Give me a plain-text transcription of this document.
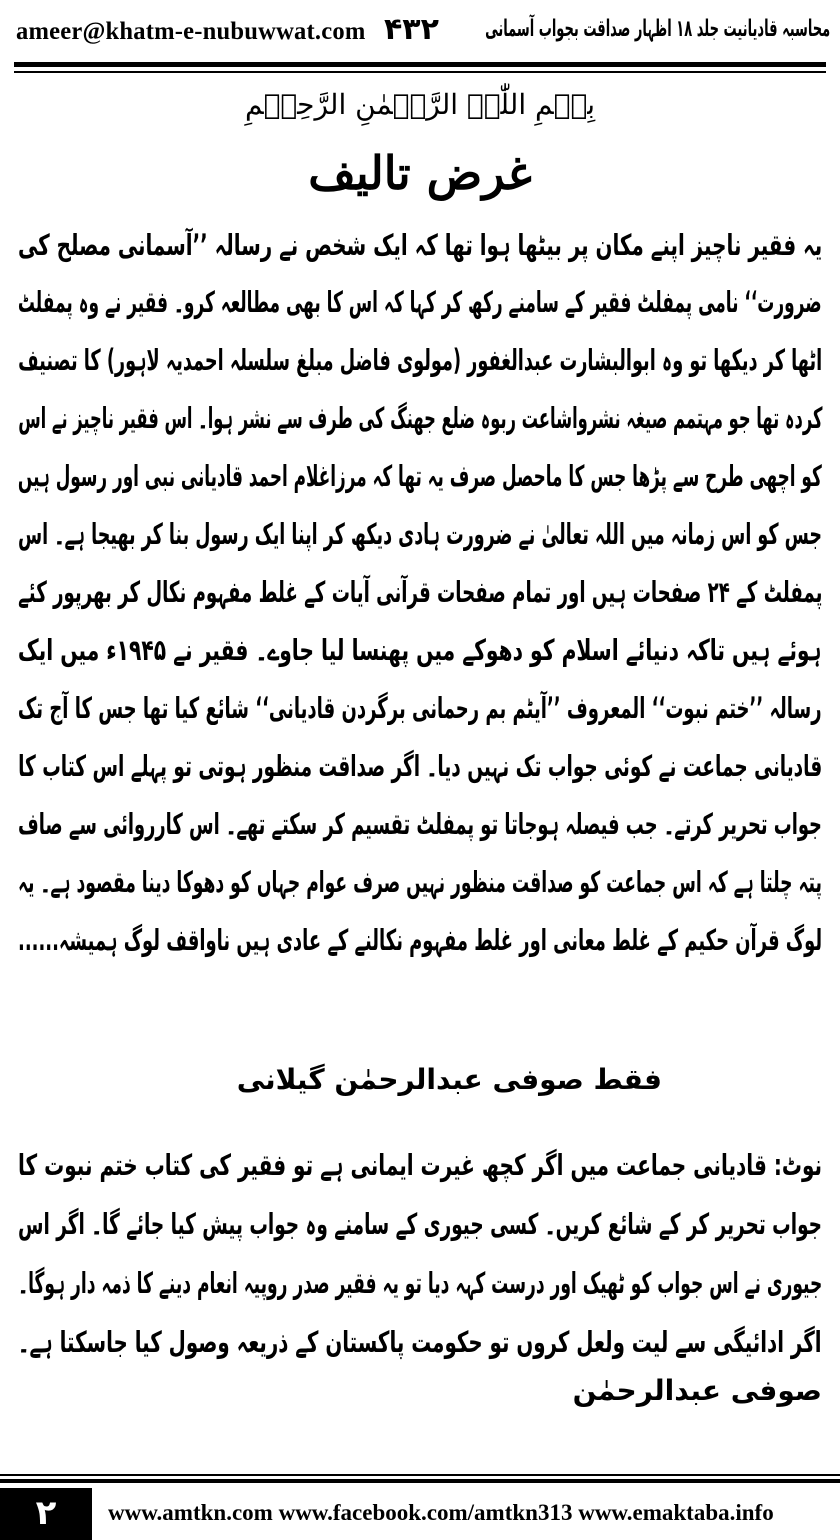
ameer@khatm-e-nubuwwat.com ۴۳۲ محاسبہ قادیانیت جلد ۱۸ اظہار صداقت بجواب آسمانی
بِسۡمِ اللّٰہِ الرَّحۡمٰنِ الرَّحِیۡمِ
غرض تالیف
یہ فقیر ناچیز اپنے مکان پر بیٹھا ہوا تھا کہ ایک شخص نے رسالہ ’’آسمانی مصلح کی
ضرورت‘‘ نامی پمفلٹ فقیر کے سامنے رکھ کر کہا کہ اس کا بھی مطالعہ کرو۔ فقیر نے وہ پمفلٹ
اٹھا کر دیکھا تو وہ ابوالبشارت عبدالغفور (مولوی فاضل مبلغ سلسلہ احمدیہ لاہور) کا تصنیف
کردہ تھا جو مہتمم صیغہ نشرواشاعت ربوہ ضلع جھنگ کی طرف سے نشر ہوا۔ اس فقیر ناچیز نے اس
کو اچھی طرح سے پڑھا جس کا ماحصل صرف یہ تھا کہ مرزاغلام احمد قادیانی نبی اور رسول ہیں
جس کو اس زمانہ میں اللہ تعالیٰ نے ضرورت ہادی دیکھ کر اپنا ایک رسول بنا کر بھیجا ہے۔ اس
پمفلٹ کے ۲۴ صفحات ہیں اور تمام صفحات قرآنی آیات کے غلط مفہوم نکال کر بھرپور کئے
ہوئے ہیں تاکہ دنیائے اسلام کو دھوکے میں پھنسا لیا جاوے۔ فقیر نے ۱۹۴۵ء میں ایک
رسالہ ’’ختم نبوت‘‘ المعروف ’’آیٹم بم رحمانی برگردن قادیانی‘‘ شائع کیا تھا جس کا آج تک
قادیانی جماعت نے کوئی جواب تک نہیں دیا۔ اگر صداقت منظور ہوتی تو پہلے اس کتاب کا
جواب تحریر کرتے۔ جب فیصلہ ہوجاتا تو پمفلٹ تقسیم کر سکتے تھے۔ اس کارروائی سے صاف
پتہ چلتا ہے کہ اس جماعت کو صداقت منظور نہیں صرف عوام جہاں کو دھوکا دینا مقصود ہے۔ یہ
لوگ قرآن حکیم کے غلط معانی اور غلط مفہوم نکالنے کے عادی ہیں ناواقف لوگ ہمیشہ......
فقط صوفی عبدالرحمٰن گیلانی
نوٹ: قادیانی جماعت میں اگر کچھ غیرت ایمانی ہے تو فقیر کی کتاب ختم نبوت کا
جواب تحریر کر کے شائع کریں۔ کسی جیوری کے سامنے وہ جواب پیش کیا جائے گا۔ اگر اس
جیوری نے اس جواب کو ٹھیک اور درست کہہ دیا تو یہ فقیر صدر روپیہ انعام دینے کا ذمہ دار ہوگا۔
اگر ادائیگی سے لیت ولعل کروں تو حکومت پاکستان کے ذریعہ وصول کیا جاسکتا ہے۔
صوفی عبدالرحمٰن
۲	www.amtkn.com www.facebook.com/amtkn313 www.emaktaba.info
